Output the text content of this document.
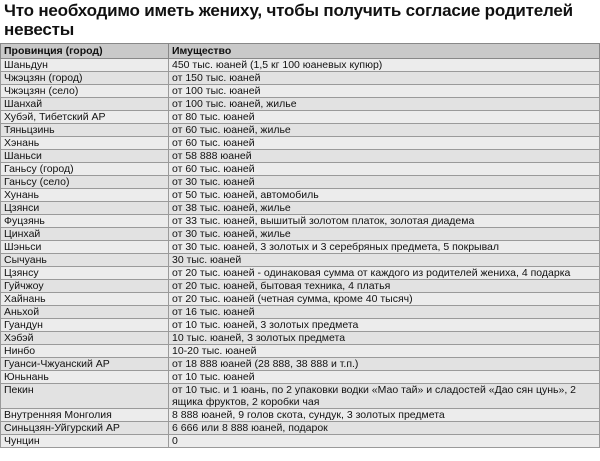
Что необходимо иметь жениху, чтобы получить согласие родителей невесты
Провинция (город)	Имущество
Шаньдун	450 тыс. юаней (1,5 кг 100 юаневых купюр)
Чжэцзян (город)	от 150 тыс. юаней
Чжэцзян (село)	от 100 тыс. юаней
Шанхай	от 100 тыс. юаней, жилье
Хубэй, Тибетский АР	от 80 тыс. юаней
Тяньцзинь	от 60 тыс. юаней, жилье
Хэнань	от 60 тыс. юаней
Шаньси	от 58 888 юаней
Ганьсу (город)	от 60 тыс. юаней
Ганьсу (село)	от 30 тыс. юаней
Хунань	от 50 тыс. юаней, автомобиль
Цзянси	от 38 тыс. юаней, жилье
Фуцзянь	от 33 тыс. юаней, вышитый золотом платок, золотая диадема
Цинхай	от 30 тыс. юаней, жилье
Шэньси	от 30 тыс. юаней, 3 золотых и 3 серебряных предмета, 5 покрывал
Сычуань	30 тыс. юаней
Цзянсу	от 20 тыс. юаней - одинаковая сумма от каждого из родителей жениха, 4 подарка
Гуйчжоу	от 20 тыс. юаней, бытовая техника, 4 платья
Хайнань	от 20 тыс. юаней (четная сумма, кроме 40 тысяч)
Аньхой	от 16 тыс. юаней
Гуандун	от 10 тыс. юаней, 3 золотых предмета
Хэбэй	10 тыс. юаней, 3 золотых предмета
Нинбо	10-20 тыс. юаней
Гуанси-Чжуанский АР	от 18 888 юаней (28 888, 38 888 и т.п.)
Юньнань	от 10 тыс. юаней
Пекин	от 10 тыс. и 1 юань, по 2 упаковки водки «Мао тай» и сладостей «Дао сян цунь», 2 ящика фруктов, 2 коробки чая
Внутренняя Монголия	8 888 юаней, 9 голов скота, сундук, 3 золотых предмета
Синьцзян-Уйгурский АР	6 666 или 8 888 юаней, подарок
Чунцин	0
